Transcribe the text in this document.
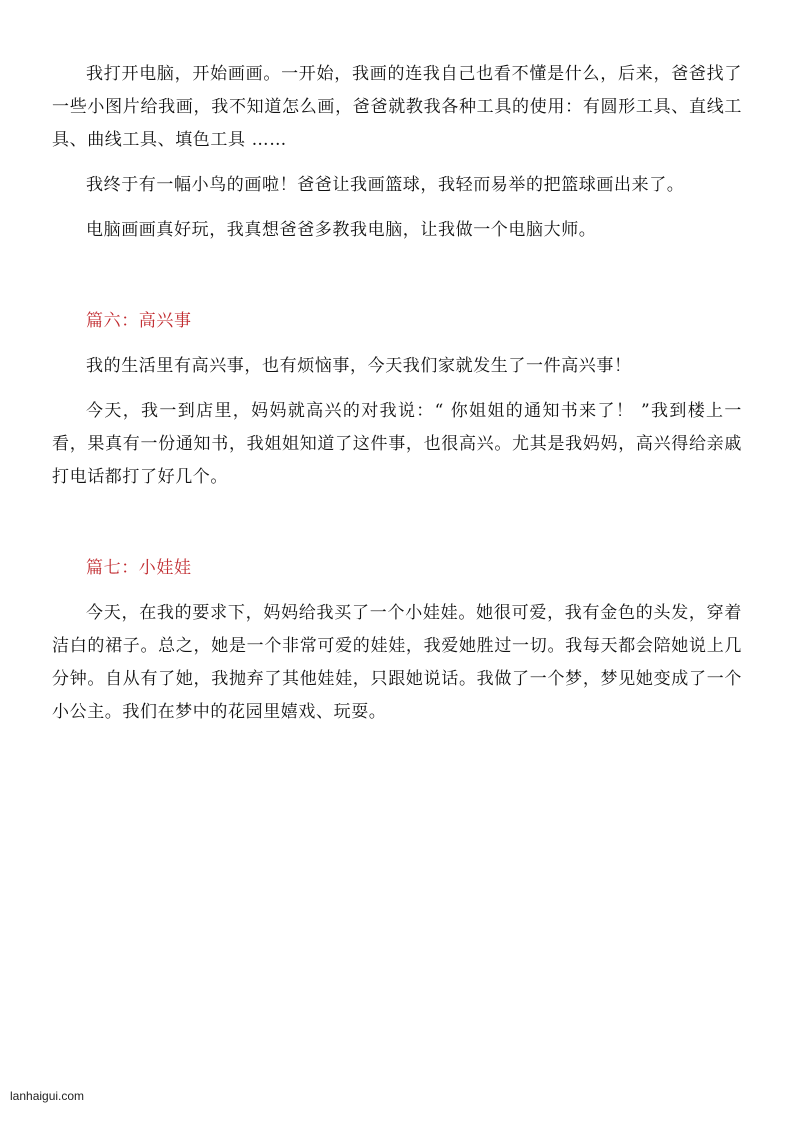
我打开电脑，开始画画。一开始，我画的连我自己也看不懂是什么，后来，爸爸找了一些小图片给我画，我不知道怎么画，爸爸就教我各种工具的使用：有圆形工具、直线工具、曲线工具、填色工具 ……

我终于有一幅小鸟的画啦！爸爸让我画篮球，我轻而易举的把篮球画出来了。

电脑画画真好玩，我真想爸爸多教我电脑，让我做一个电脑大师。

篇六：高兴事

我的生活里有高兴事，也有烦恼事，今天我们家就发生了一件高兴事！

今天，我一到店里，妈妈就高兴的对我说：“ 你姐姐的通知书来了！ ”我到楼上一看，果真有一份通知书，我姐姐知道了这件事，也很高兴。尤其是我妈妈，高兴得给亲戚打电话都打了好几个。

篇七：小娃娃

今天，在我的要求下，妈妈给我买了一个小娃娃。她很可爱，我有金色的头发，穿着洁白的裙子。总之，她是一个非常可爱的娃娃，我爱她胜过一切。我每天都会陪她说上几分钟。自从有了她，我抛弃了其他娃娃，只跟她说话。我做了一个梦，梦见她变成了一个小公主。我们在梦中的花园里嬉戏、玩耍。

lanhaigui.com
